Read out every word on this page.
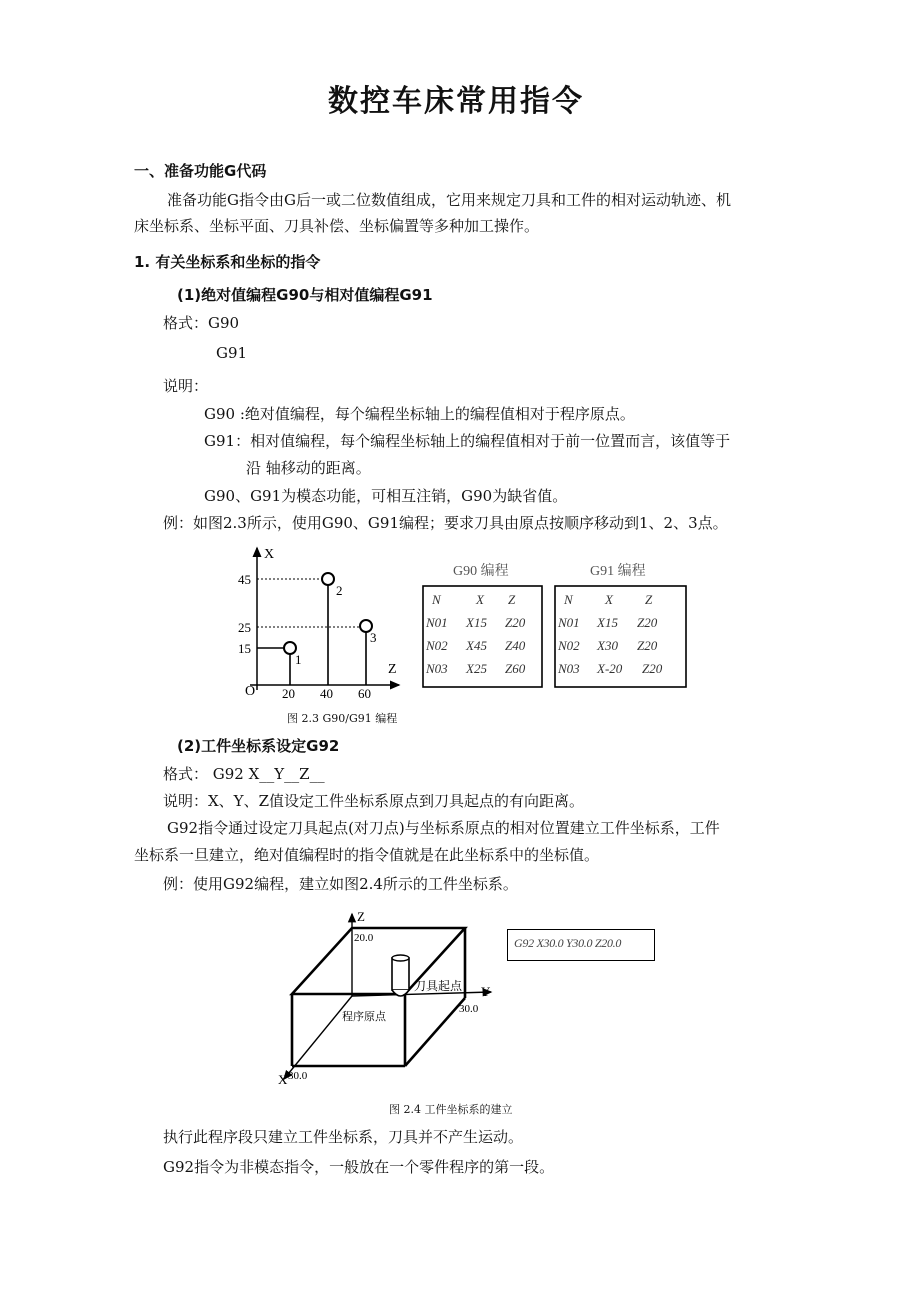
数控车床常用指令
一、准备功能G代码
准备功能G指令由G后一或二位数值组成，它用来规定刀具和工件的相对运动轨迹、机
床坐标系、坐标平面、刀具补偿、坐标偏置等多种加工操作。
1. 有关坐标系和坐标的指令
(1)绝对值编程G90与相对值编程G91
格式：G90
G91
说明：
G90 :绝对值编程，每个编程坐标轴上的编程值相对于程序原点。
G91：相对值编程，每个编程坐标轴上的编程值相对于前一位置而言，该值等于
沿 轴移动的距离。
G90、G91为模态功能，可相互注销，G90为缺省值。
例：如图2.3所示，使用G90、G91编程；要求刀具由原点按顺序移动到1、2、3点。
X
Z
O
1
2
3
45
25
15
20 40 60
G90 编程	G91 编程
N	X Z
N01 X15 Z20
N02 X45 Z40
N03 X25 Z60
N X Z
N01 X15 Z20
N02 X30 Z20
N03 X-20 Z20
图 2.3 G90/G91 编程
(2)工件坐标系设定G92
格式： G92 X__Y__Z__
说明：X、Y、Z值设定工件坐标系原点到刀具起点的有向距离。
G92指令通过设定刀具起点(对刀点)与坐标系原点的相对位置建立工件坐标系，工件
坐标系一旦建立，绝对值编程时的指令值就是在此坐标系中的坐标值。
例：使用G92编程，建立如图2.4所示的工件坐标系。
Z
20.0
Y
30.0
X 30.0
刀具起点
程序原点
G92 X30.0 Y30.0 Z20.0
图 2.4 工件坐标系的建立
执行此程序段只建立工件坐标系，刀具并不产生运动。
G92指令为非模态指令，一般放在一个零件程序的第一段。
